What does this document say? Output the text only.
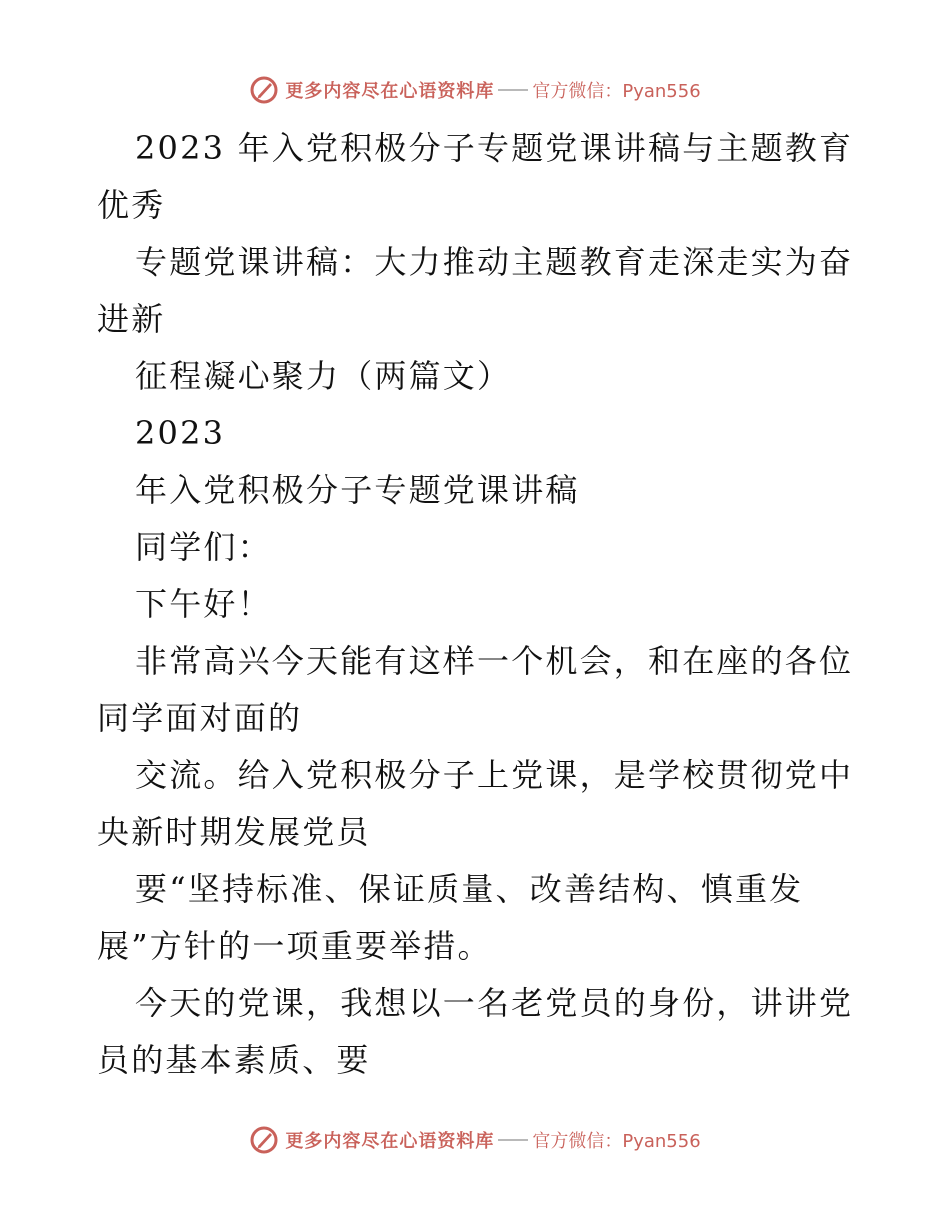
更多内容尽在心语资料库 官方微信：Pyan556

2023 年入党积极分子专题党课讲稿与主题教育优秀

专题党课讲稿：大力推动主题教育走深走实为奋进新

征程凝心聚力（两篇文）

2023

年入党积极分子专题党课讲稿

同学们：

下午好！

非常高兴今天能有这样一个机会，和在座的各位同学面对面的

交流。给入党积极分子上党课，是学校贯彻党中央新时期发展党员

要“坚持标准、保证质量、改善结构、慎重发展”方针的一项重要举措。

今天的党课，我想以一名老党员的身份，讲讲党员的基本素质、要

更多内容尽在心语资料库 官方微信：Pyan556
